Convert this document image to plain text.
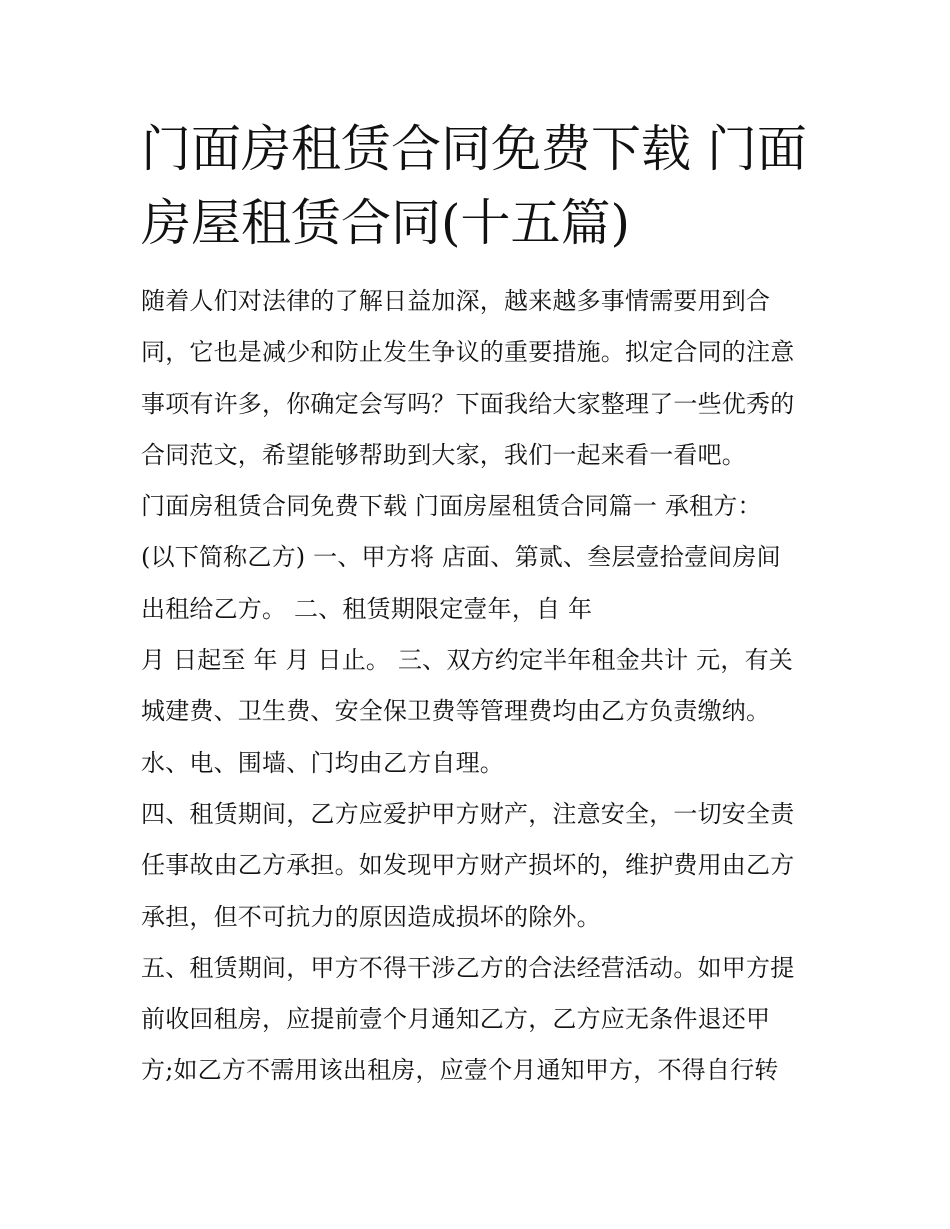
门面房租赁合同免费下载 门面
房屋租赁合同(十五篇)
随着人们对法律的了解日益加深，越来越多事情需要用到合
同，它也是减少和防止发生争议的重要措施。拟定合同的注意
事项有许多，你确定会写吗？下面我给大家整理了一些优秀的
合同范文，希望能够帮助到大家，我们一起来看一看吧。
门面房租赁合同免费下载 门面房屋租赁合同篇一 承租方：
(以下简称乙方) 一、甲方将 店面、第贰、叁层壹拾壹间房间
出租给乙方。 二、租赁期限定壹年，自 年
月 日起至 年 月 日止。 三、双方约定半年租金共计 元，有关
城建费、卫生费、安全保卫费等管理费均由乙方负责缴纳。
水、电、围墙、门均由乙方自理。
四、租赁期间，乙方应爱护甲方财产，注意安全，一切安全责
任事故由乙方承担。如发现甲方财产损坏的，维护费用由乙方
承担，但不可抗力的原因造成损坏的除外。
五、租赁期间，甲方不得干涉乙方的合法经营活动。如甲方提
前收回租房，应提前壹个月通知乙方，乙方应无条件退还甲
方;如乙方不需用该出租房，应壹个月通知甲方，不得自行转
